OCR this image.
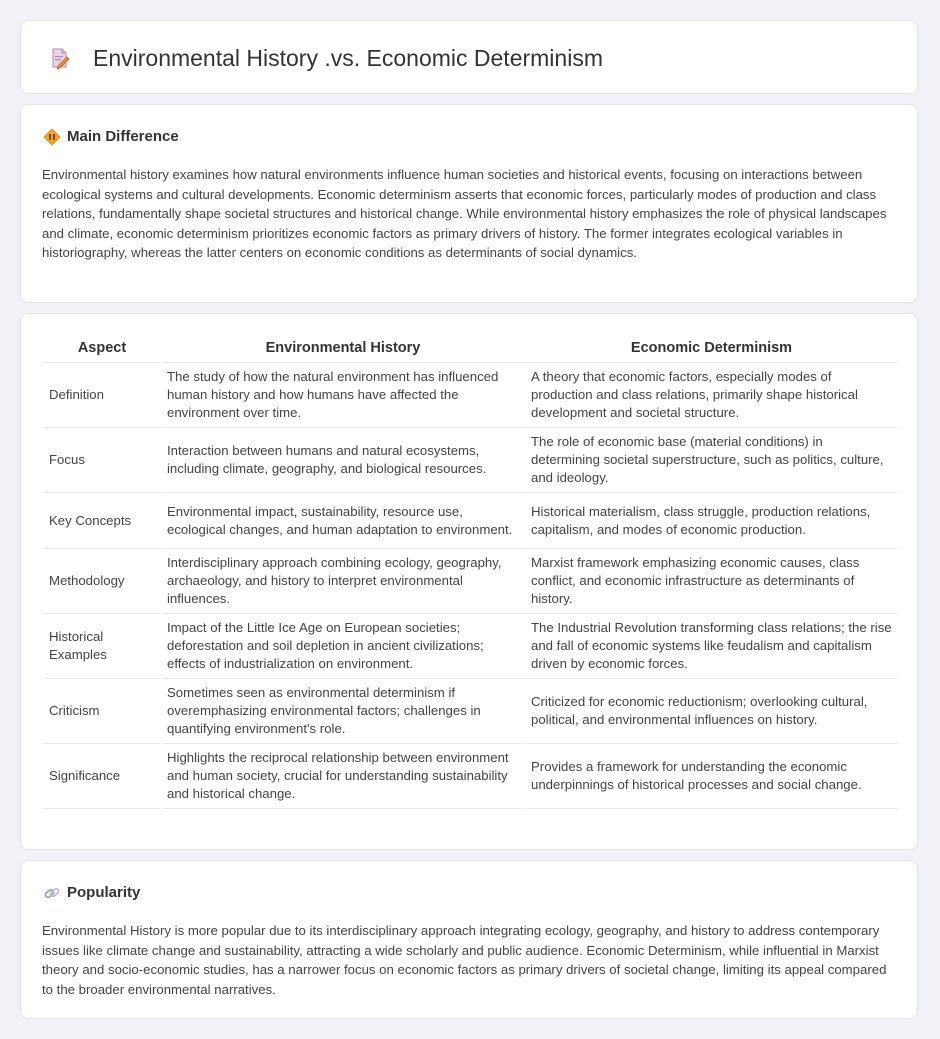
Environmental History .vs. Economic Determinism
Main Difference

Environmental history examines how natural environments influence human societies and historical events, focusing on interactions between ecological systems and cultural developments. Economic determinism asserts that economic forces, particularly modes of production and class relations, fundamentally shape societal structures and historical change. While environmental history emphasizes the role of physical landscapes and climate, economic determinism prioritizes economic factors as primary drivers of history. The former integrates ecological variables in historiography, whereas the latter centers on economic conditions as determinants of social dynamics.

Aspect	Environmental History	Economic Determinism
Definition	The study of how the natural environment has influenced human history and how humans have affected the environment over time.	A theory that economic factors, especially modes of production and class relations, primarily shape historical development and societal structure.
Focus	Interaction between humans and natural ecosystems, including climate, geography, and biological resources.	The role of economic base (material conditions) in determining societal superstructure, such as politics, culture, and ideology.
Key Concepts	Environmental impact, sustainability, resource use, ecological changes, and human adaptation to environment.	Historical materialism, class struggle, production relations, capitalism, and modes of economic production.
Methodology	Interdisciplinary approach combining ecology, geography, archaeology, and history to interpret environmental influences.	Marxist framework emphasizing economic causes, class conflict, and economic infrastructure as determinants of history.
Historical Examples	Impact of the Little Ice Age on European societies; deforestation and soil depletion in ancient civilizations; effects of industrialization on environment.	The Industrial Revolution transforming class relations; the rise and fall of economic systems like feudalism and capitalism driven by economic forces.
Criticism	Sometimes seen as environmental determinism if overemphasizing environmental factors; challenges in quantifying environment's role.	Criticized for economic reductionism; overlooking cultural, political, and environmental influences on history.
Significance	Highlights the reciprocal relationship between environment and human society, crucial for understanding sustainability and historical change.	Provides a framework for understanding the economic underpinnings of historical processes and social change.
Popularity

Environmental History is more popular due to its interdisciplinary approach integrating ecology, geography, and history to address contemporary issues like climate change and sustainability, attracting a wide scholarly and public audience. Economic Determinism, while influential in Marxist theory and socio-economic studies, has a narrower focus on economic factors as primary drivers of societal change, limiting its appeal compared to the broader environmental narratives.
